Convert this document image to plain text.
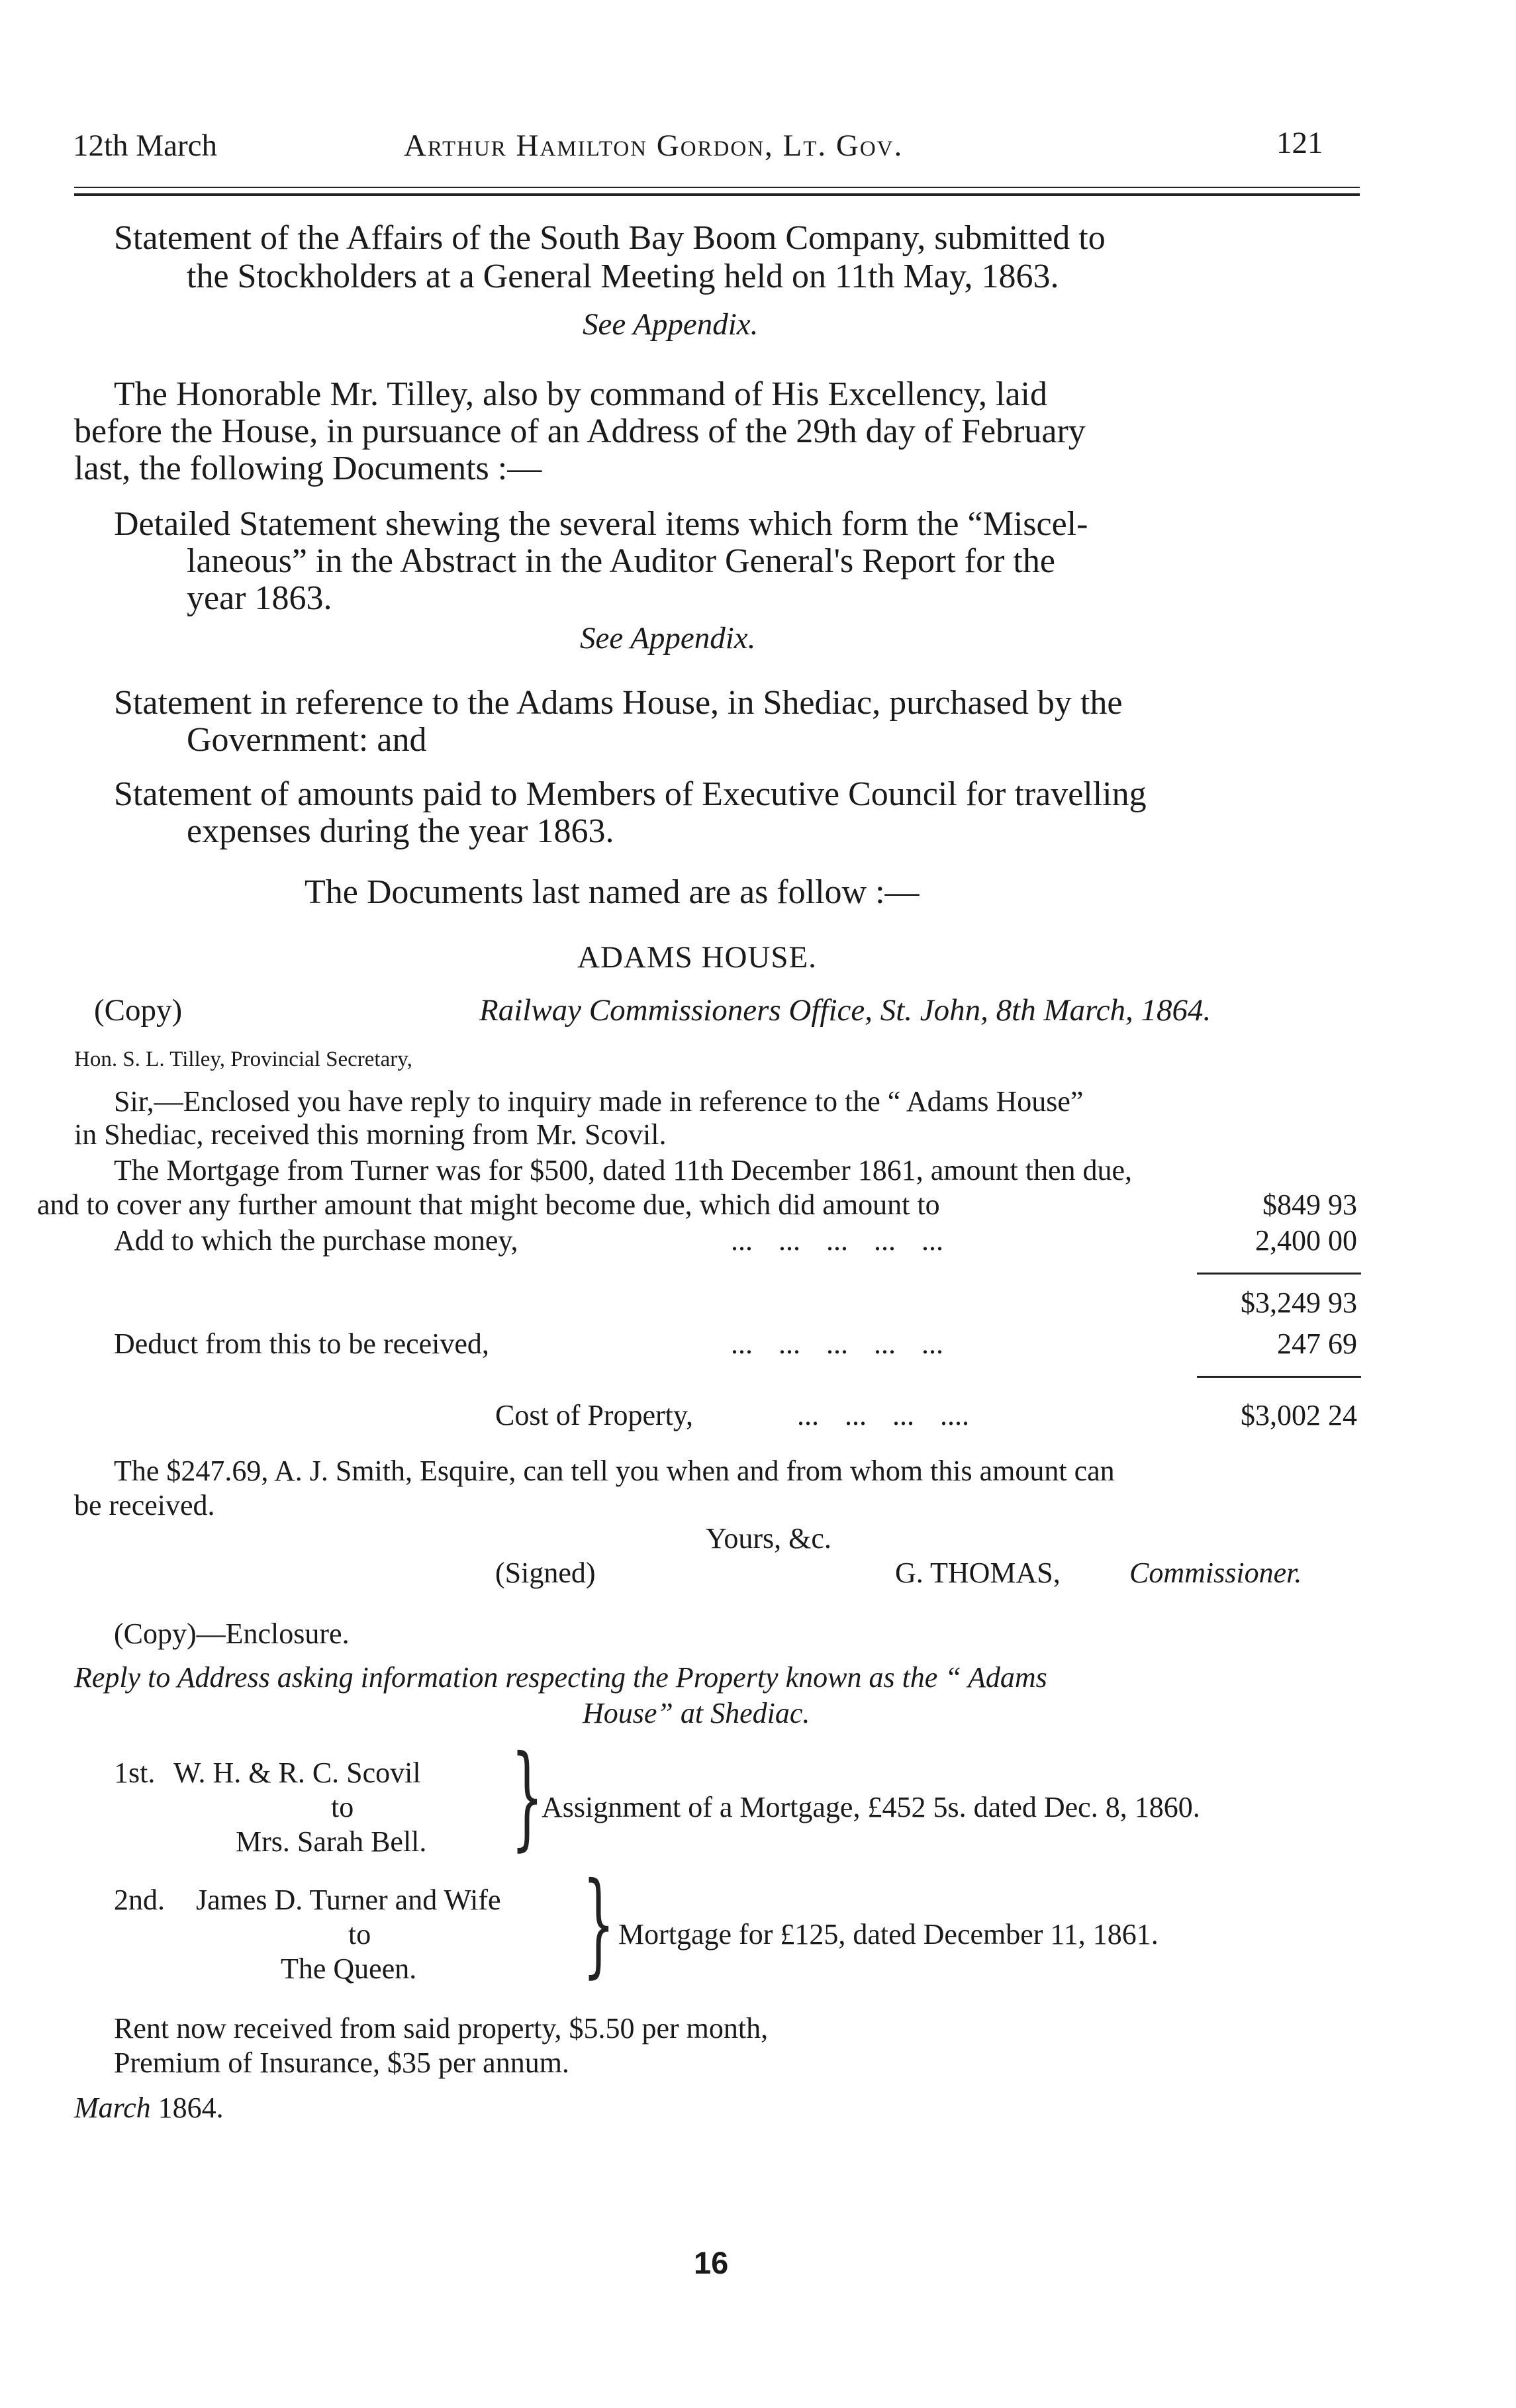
12th March	Arthur Hamilton Gordon, Lt. Gov.	121
Statement of the Affairs of the South Bay Boom Company, submitted to
the Stockholders at a General Meeting held on 11th May, 1863.
See Appendix.
The Honorable Mr. Tilley, also by command of His Excellency, laid
before the House, in pursuance of an Address of the 29th day of February
last, the following Documents :—
Detailed Statement shewing the several items which form the “Miscel-
laneous” in the Abstract in the Auditor General's Report for the
year 1863.
See Appendix.
Statement in reference to the Adams House, in Shediac, purchased by the
Government: and
Statement of amounts paid to Members of Executive Council for travelling
expenses during the year 1863.
The Documents last named are as follow :—
ADAMS HOUSE.
(Copy)	Railway Commissioners Office, St. John, 8th March, 1864.
Hon. S. L. Tilley, Provincial Secretary,
Sir,—Enclosed you have reply to inquiry made in reference to the “ Adams House”
in Shediac, received this morning from Mr. Scovil.
The Mortgage from Turner was for $500, dated 11th December 1861, amount then due,
and to cover any further amount that might become due, which did amount to	$849 93
Add to which the purchase money,	... ... ... ... ...	2,400 00
$3,249 93
Deduct from this to be received,	... ... ... ... ...	247 69
Cost of Property,	... ... ... ....	$3,002 24
The $247.69, A. J. Smith, Esquire, can tell you when and from whom this amount can
be received.
Yours, &c.
(Signed)	G. THOMAS, Commissioner.
(Copy)—Enclosure.
Reply to Address asking information respecting the Property known as the “ Adams
House” at Shediac.
1st. W. H. & R. C. Scovil
to
Mrs. Sarah Bell. }
Assignment of a Mortgage, £452 5s. dated Dec. 8, 1860.
2nd. James D. Turner and Wife
to
The Queen. } Mortgage for £125, dated December 11, 1861.
Rent now received from said property, $5.50 per month,
Premium of Insurance, $35 per annum.
March 1864.
16
